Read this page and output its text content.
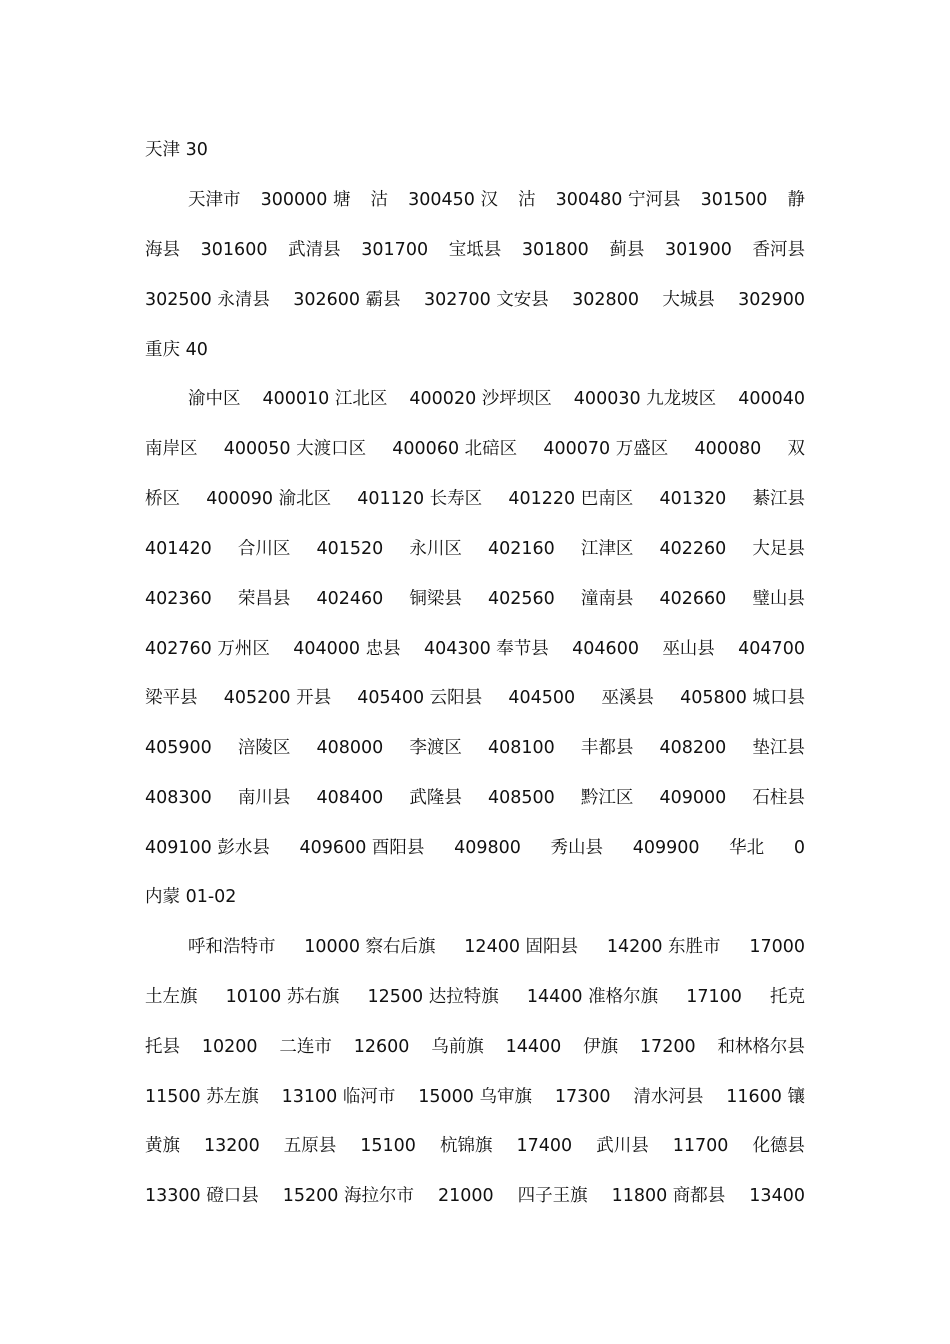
天津 30
天津市 300000 塘 沽 300450 汉 沽 300480 宁河县 301500 静
海县 301600 武清县 301700 宝坻县 301800 蓟县 301900 香河县
302500 永清县 302600 霸县 302700 文安县 302800 大城县 302900
重庆 40
渝中区 400010 江北区 400020 沙坪坝区 400030 九龙坡区 400040
南岸区 400050 大渡口区 400060 北碚区 400070 万盛区 400080 双
桥区 400090 渝北区 401120 长寿区 401220 巴南区 401320 綦江县
401420 合川区 401520 永川区 402160 江津区 402260 大足县
402360 荣昌县 402460 铜梁县 402560 潼南县 402660 璧山县
402760 万州区 404000 忠县 404300 奉节县 404600 巫山县 404700
梁平县 405200 开县 405400 云阳县 404500 巫溪县 405800 城口县
405900 涪陵区 408000 李渡区 408100 丰都县 408200 垫江县
408300 南川县 408400 武隆县 408500 黔江区 409000 石柱县
409100 彭水县 409600 酉阳县 409800 秀山县 409900 华北 0
内蒙 01-02
呼和浩特市 10000 察右后旗 12400 固阳县 14200 东胜市 17000
土左旗 10100 苏右旗 12500 达拉特旗 14400 准格尔旗 17100 托克
托县 10200 二连市 12600 乌前旗 14400 伊旗 17200 和林格尔县
11500 苏左旗 13100 临河市 15000 乌审旗 17300 清水河县 11600 镶
黄旗 13200 五原县 15100 杭锦旗 17400 武川县 11700 化德县
13300 磴口县 15200 海拉尔市 21000 四子王旗 11800 商都县 13400
